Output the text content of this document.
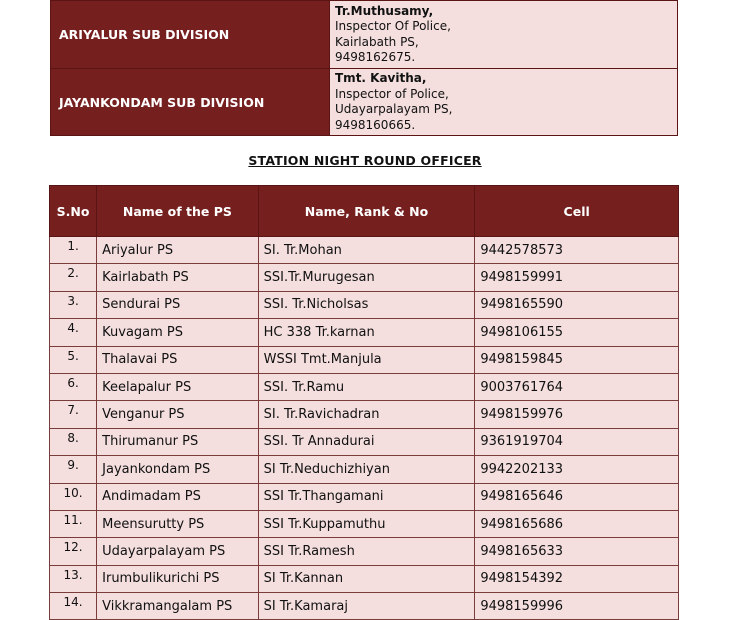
ARIYALUR SUB DIVISION	Tr.Muthusamy,
Inspector Of Police,
Kairlabath PS,
9498162675.
JAYANKONDAM SUB DIVISION	Tmt. Kavitha,
Inspector of Police,
Udayarpalayam PS,
9498160665.
STATION NIGHT ROUND OFFICER
S.No	Name of the PS	Name, Rank & No	Cell
1.	Ariyalur PS	SI. Tr.Mohan	9442578573
2.	Kairlabath PS	SSI.Tr.Murugesan	9498159991
3.	Sendurai PS	SSI. Tr.Nicholsas	9498165590
4.	Kuvagam PS	HC 338 Tr.karnan	9498106155
5.	Thalavai PS	WSSI Tmt.Manjula	9498159845
6.	Keelapalur PS	SSI. Tr.Ramu	9003761764
7.	Venganur PS	SI. Tr.Ravichadran	9498159976
8.	Thirumanur PS	SSI. Tr Annadurai	9361919704
9.	Jayankondam PS	SI Tr.Neduchizhiyan	9942202133
10.	Andimadam PS	SSI Tr.Thangamani	9498165646
11.	Meensurutty PS	SSI Tr.Kuppamuthu	9498165686
12.	Udayarpalayam PS	SSI Tr.Ramesh	9498165633
13.	Irumbulikurichi PS	SI Tr.Kannan	9498154392
14.	Vikkramangalam PS	SI Tr.Kamaraj	9498159996
